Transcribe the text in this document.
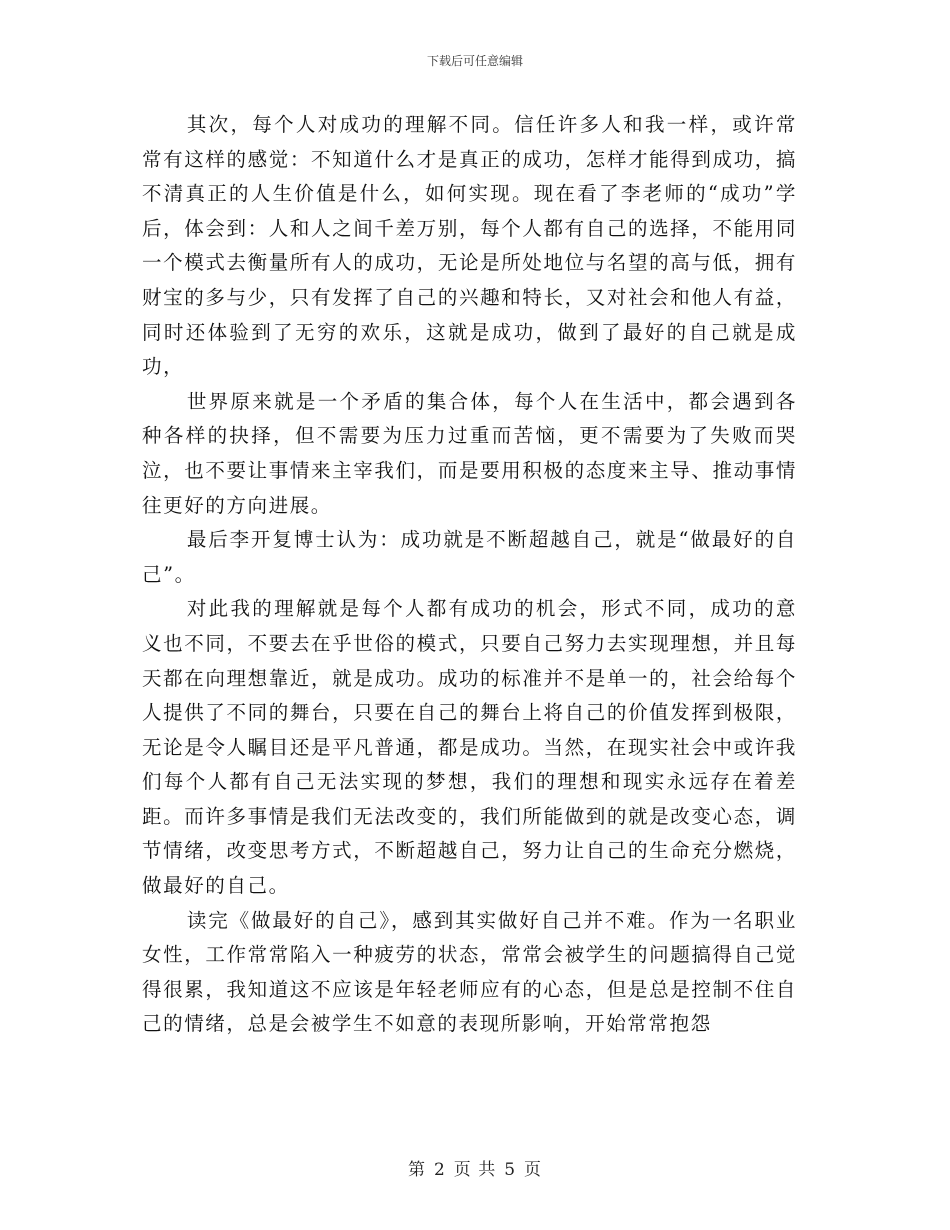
下载后可任意编辑

其次，每个人对成功的理解不同。信任许多人和我一样，或许常常有这样的感觉：不知道什么才是真正的成功，怎样才能得到成功，搞不清真正的人生价值是什么，如何实现。现在看了李老师的“成功”学后，体会到：人和人之间千差万别，每个人都有自己的选择，不能用同一个模式去衡量所有人的成功，无论是所处地位与名望的高与低，拥有财宝的多与少，只有发挥了自己的兴趣和特长，又对社会和他人有益，同时还体验到了无穷的欢乐，这就是成功，做到了最好的自己就是成功，

世界原来就是一个矛盾的集合体，每个人在生活中，都会遇到各种各样的抉择，但不需要为压力过重而苦恼，更不需要为了失败而哭泣，也不要让事情来主宰我们，而是要用积极的态度来主导、推动事情往更好的方向进展。

最后李开复博士认为：成功就是不断超越自己，就是“做最好的自己”。

对此我的理解就是每个人都有成功的机会，形式不同，成功的意义也不同，不要去在乎世俗的模式，只要自己努力去实现理想，并且每天都在向理想靠近，就是成功。成功的标准并不是单一的，社会给每个人提供了不同的舞台，只要在自己的舞台上将自己的价值发挥到极限，无论是令人瞩目还是平凡普通，都是成功。当然，在现实社会中或许我们每个人都有自己无法实现的梦想，我们的理想和现实永远存在着差距。而许多事情是我们无法改变的，我们所能做到的就是改变心态，调节情绪，改变思考方式，不断超越自己，努力让自己的生命充分燃烧，做最好的自己。

读完《做最好的自己》，感到其实做好自己并不难。作为一名职业女性，工作常常陷入一种疲劳的状态，常常会被学生的问题搞得自己觉得很累，我知道这不应该是年轻老师应有的心态，但是总是控制不住自己的情绪，总是会被学生不如意的表现所影响，开始常常抱怨

第 2 页 共 5 页
